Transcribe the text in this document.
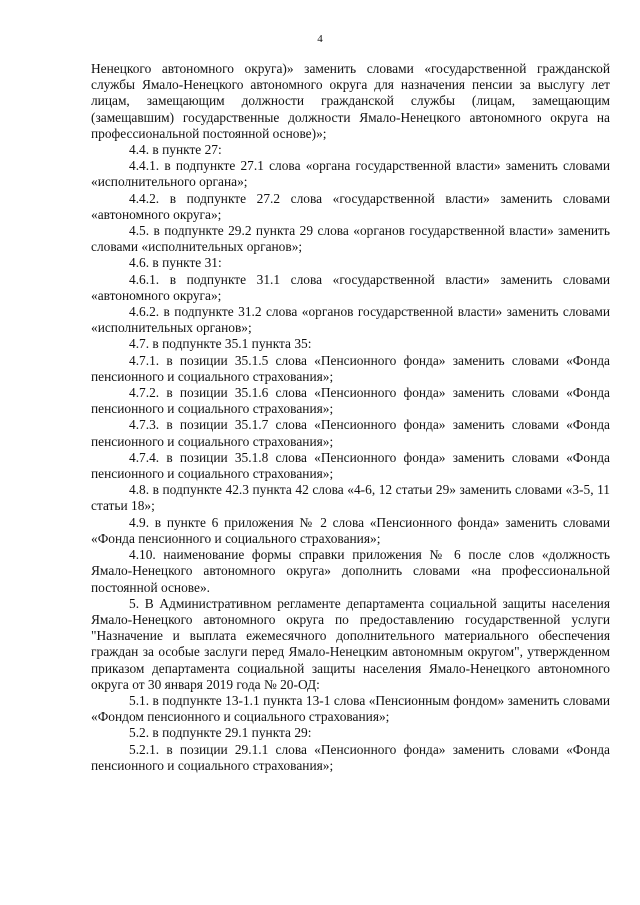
4

Ненецкого автономного округа)» заменить словами «государственной гражданской службы Ямало-Ненецкого автономного округа для назначения пенсии за выслугу лет лицам, замещающим должности гражданской службы (лицам, замещающим (замещавшим) государственные должности Ямало-Ненецкого автономного округа на профессиональной постоянной основе)»;

4.4. в пункте 27:

4.4.1. в подпункте 27.1 слова «органа государственной власти» заменить словами «исполнительного органа»;

4.4.2. в подпункте 27.2 слова «государственной власти» заменить словами «автономного округа»;

4.5. в подпункте 29.2 пункта 29 слова «органов государственной власти» заменить словами «исполнительных органов»;

4.6. в пункте 31:

4.6.1. в подпункте 31.1 слова «государственной власти» заменить словами «автономного округа»;

4.6.2. в подпункте 31.2 слова «органов государственной власти» заменить словами «исполнительных органов»;

4.7. в подпункте 35.1 пункта 35:

4.7.1. в позиции 35.1.5 слова «Пенсионного фонда» заменить словами «Фонда пенсионного и социального страхования»;

4.7.2. в позиции 35.1.6 слова «Пенсионного фонда» заменить словами «Фонда пенсионного и социального страхования»;

4.7.3. в позиции 35.1.7 слова «Пенсионного фонда» заменить словами «Фонда пенсионного и социального страхования»;

4.7.4. в позиции 35.1.8 слова «Пенсионного фонда» заменить словами «Фонда пенсионного и социального страхования»;

4.8. в подпункте 42.3 пункта 42 слова «4-6, 12 статьи 29» заменить словами «3-5, 11 статьи 18»;

4.9. в пункте 6 приложения № 2 слова «Пенсионного фонда» заменить словами «Фонда пенсионного и социального страхования»;

4.10. наименование формы справки приложения № 6 после слов «должность Ямало-Ненецкого автономного округа» дополнить словами «на профессиональной постоянной основе».

5. В Административном регламенте департамента социальной защиты населения Ямало-Ненецкого автономного округа по предоставлению государственной услуги "Назначение и выплата ежемесячного дополнительного материального обеспечения граждан за особые заслуги перед Ямало-Ненецким автономным округом", утвержденном приказом департамента социальной защиты населения Ямало-Ненецкого автономного округа от 30 января 2019 года № 20-ОД:

5.1. в подпункте 13-1.1 пункта 13-1 слова «Пенсионным фондом» заменить словами «Фондом пенсионного и социального страхования»;

5.2. в подпункте 29.1 пункта 29:

5.2.1. в позиции 29.1.1 слова «Пенсионного фонда» заменить словами «Фонда пенсионного и социального страхования»;
